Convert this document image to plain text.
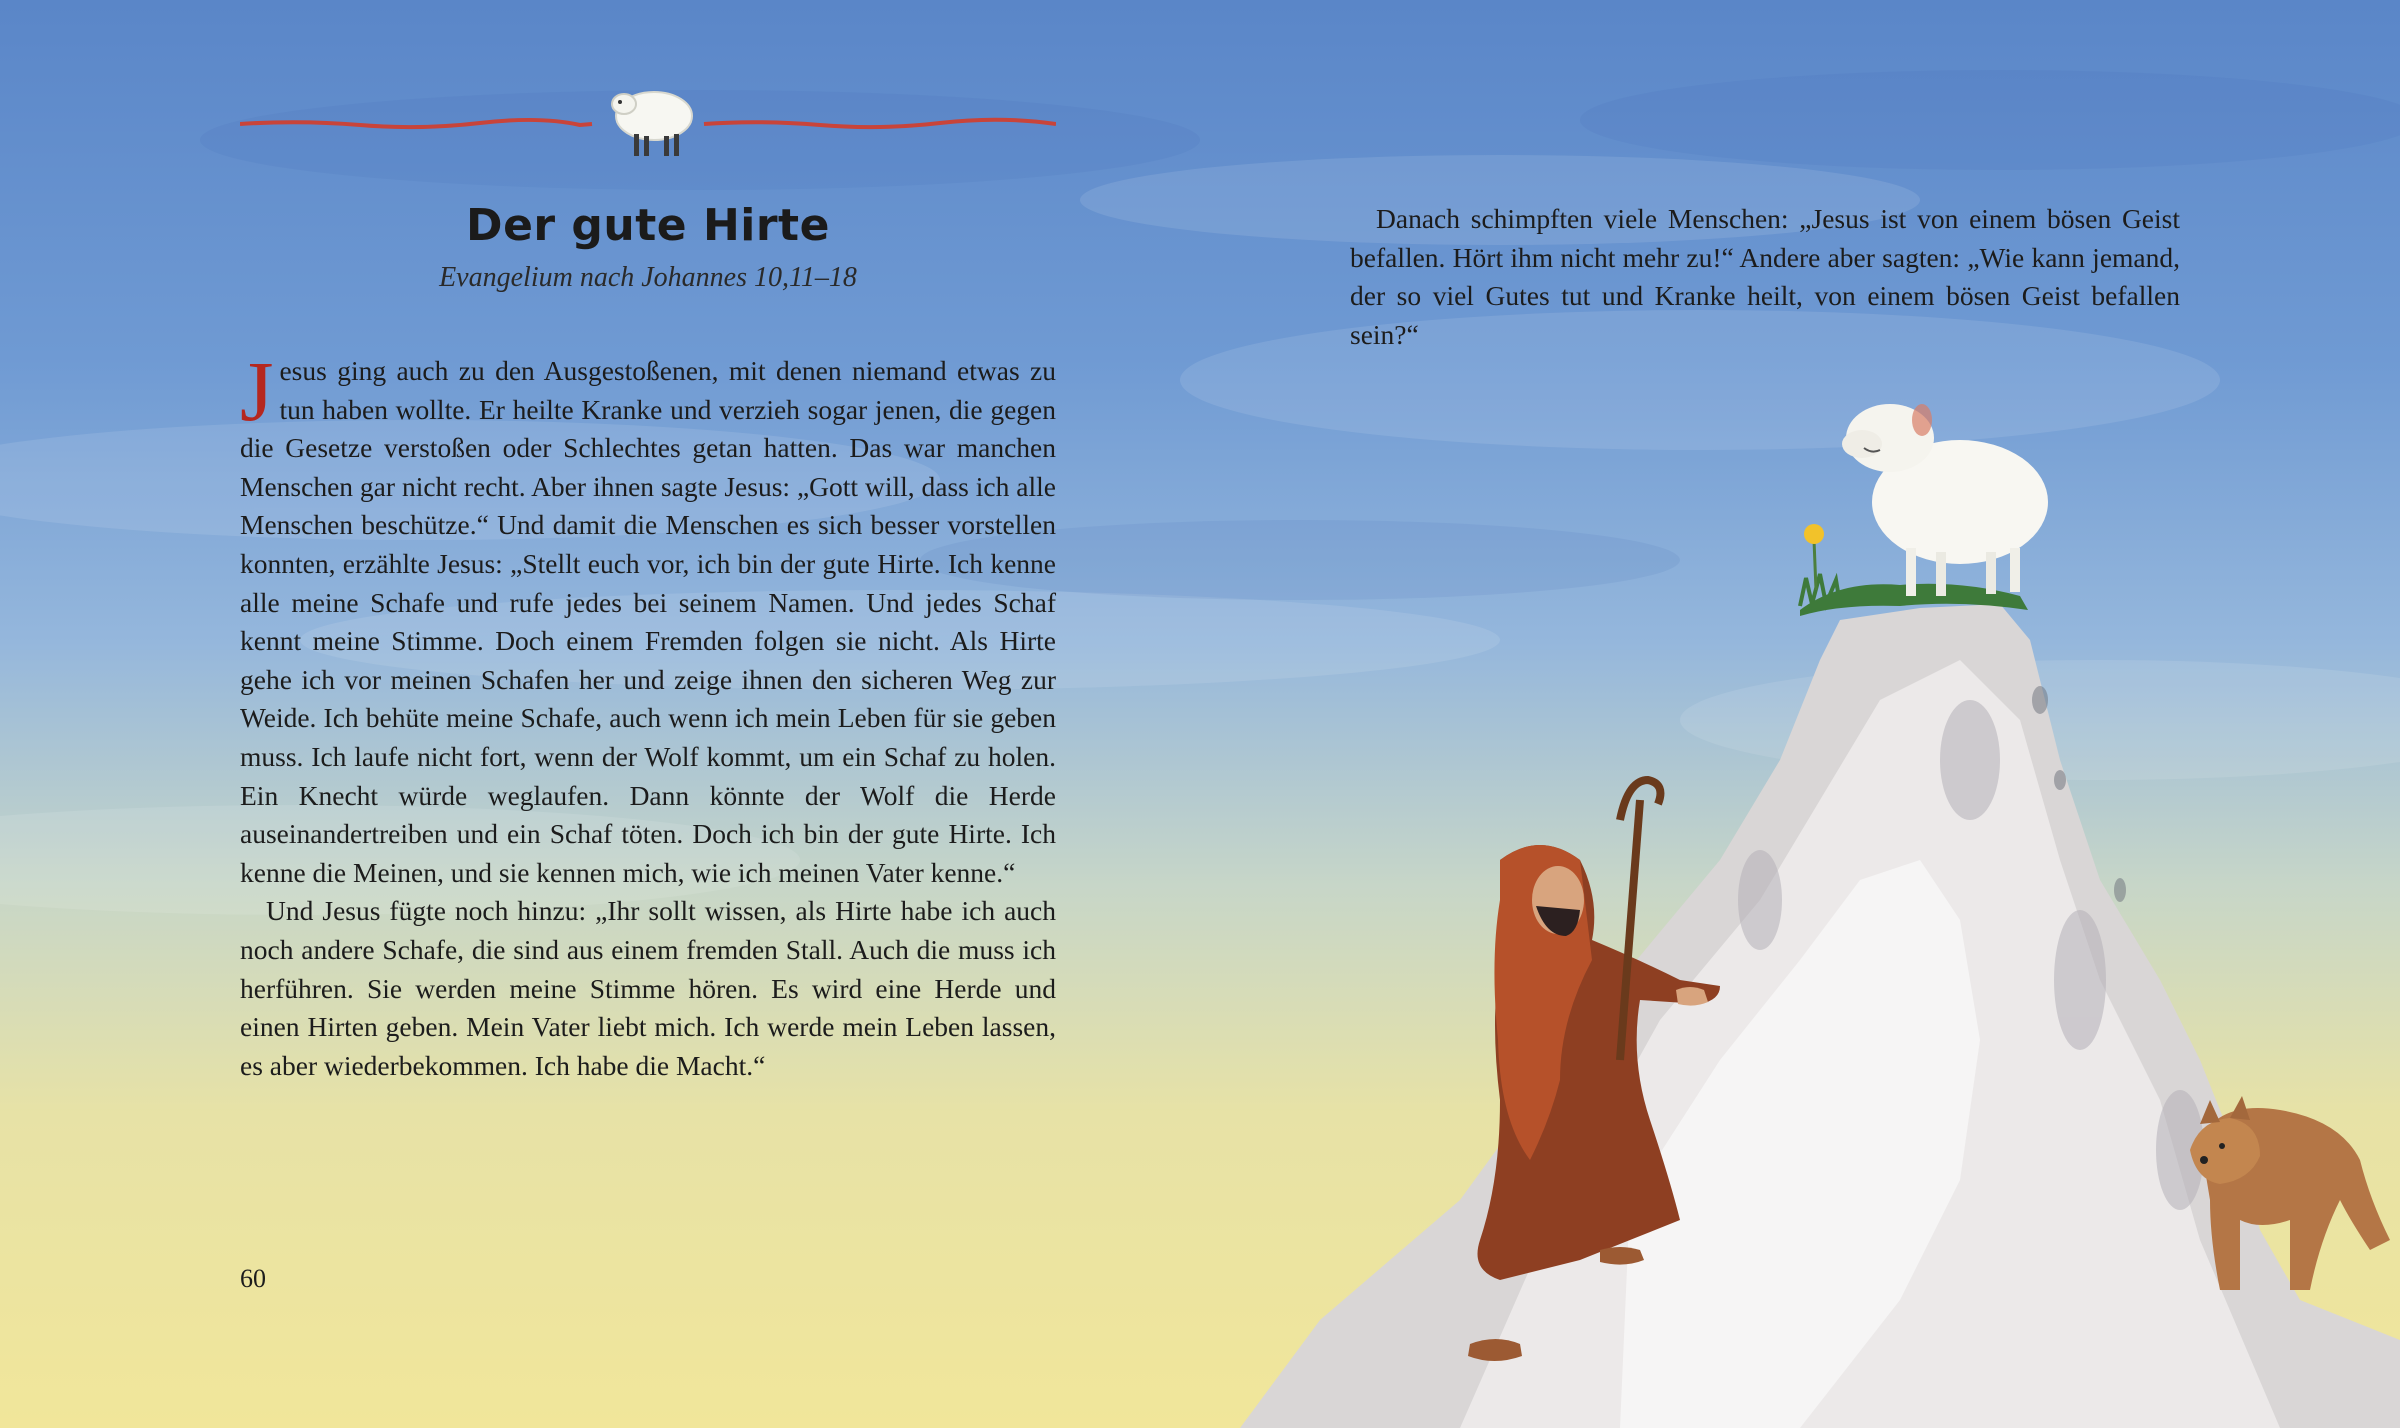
Der gute Hirte
Evangelium nach Johannes 10,11–18

Jesus ging auch zu den Ausgestoßenen, mit denen niemand etwas zu tun haben wollte. Er heilte Kranke und verzieh sogar jenen, die gegen die Gesetze verstoßen oder Schlechtes getan hatten. Das war manchen Menschen gar nicht recht. Aber ihnen sagte Jesus: „Gott will, dass ich alle Menschen beschütze.“ Und damit die Menschen es sich besser vorstellen konnten, erzählte Jesus: „Stellt euch vor, ich bin der gute Hirte. Ich kenne alle meine Schafe und rufe jedes bei seinem Namen. Und jedes Schaf kennt meine Stimme. Doch einem Fremden folgen sie nicht. Als Hirte gehe ich vor meinen Schafen her und zeige ihnen den sicheren Weg zur Weide. Ich behüte meine Schafe, auch wenn ich mein Leben für sie geben muss. Ich laufe nicht fort, wenn der Wolf kommt, um ein Schaf zu holen. Ein Knecht würde weglaufen. Dann könnte der Wolf die Herde auseinandertreiben und ein Schaf töten. Doch ich bin der gute Hirte. Ich kenne die Meinen, und sie kennen mich, wie ich meinen Vater kenne.“

Und Jesus fügte noch hinzu: „Ihr sollt wissen, als Hirte habe ich auch noch andere Schafe, die sind aus einem fremden Stall. Auch die muss ich herführen. Sie werden meine Stimme hören. Es wird eine Herde und einen Hirten geben. Mein Vater liebt mich. Ich werde mein Leben lassen, es aber wiederbekommen. Ich habe die Macht.“

60

Danach schimpften viele Menschen: „Jesus ist von einem bösen Geist befallen. Hört ihm nicht mehr zu!“ Andere aber sagten: „Wie kann jemand, der so viel Gutes tut und Kranke heilt, von einem bösen Geist befallen sein?“
